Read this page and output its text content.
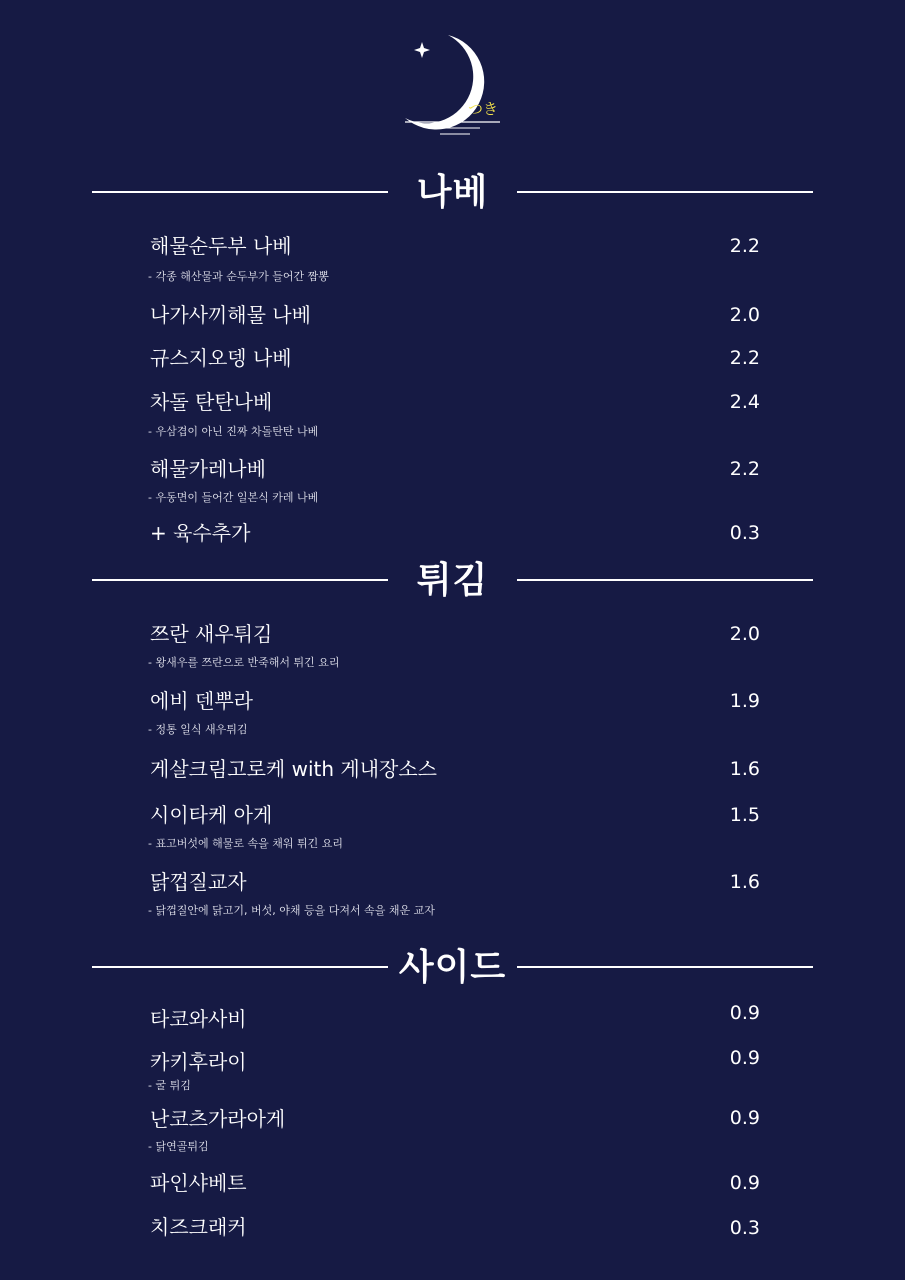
つき
나베
해물순두부 나베	2.2
- 각종 해산물과 순두부가 들어간 짬뽕
나가사끼해물 나베	2.0
규스지오뎅 나베	2.2
차돌 탄탄나베	2.4
- 우삼겹이 아닌 진짜 차돌탄탄 나베
해물카레나베	2.2
- 우동면이 들어간 일본식 카레 나베
+ 육수추가	0.3
튀김
쯔란 새우튀김	2.0
- 왕새우를 쯔란으로 반죽해서 튀긴 요리
에비 덴뿌라	1.9
- 정통 일식 새우튀김
게살크림고로케 with 게내장소스	1.6
시이타케 아게	1.5
- 표고버섯에 해물로 속을 채워 튀긴 요리
닭껍질교자	1.6
- 닭껍질안에 닭고기, 버섯, 야채 등을 다져서 속을 채운 교자
사이드
타코와사비	0.9
카키후라이	0.9
- 굴 튀김
난코츠가라아게	0.9
- 닭연골튀김
파인샤베트	0.9
치즈크래커	0.3
